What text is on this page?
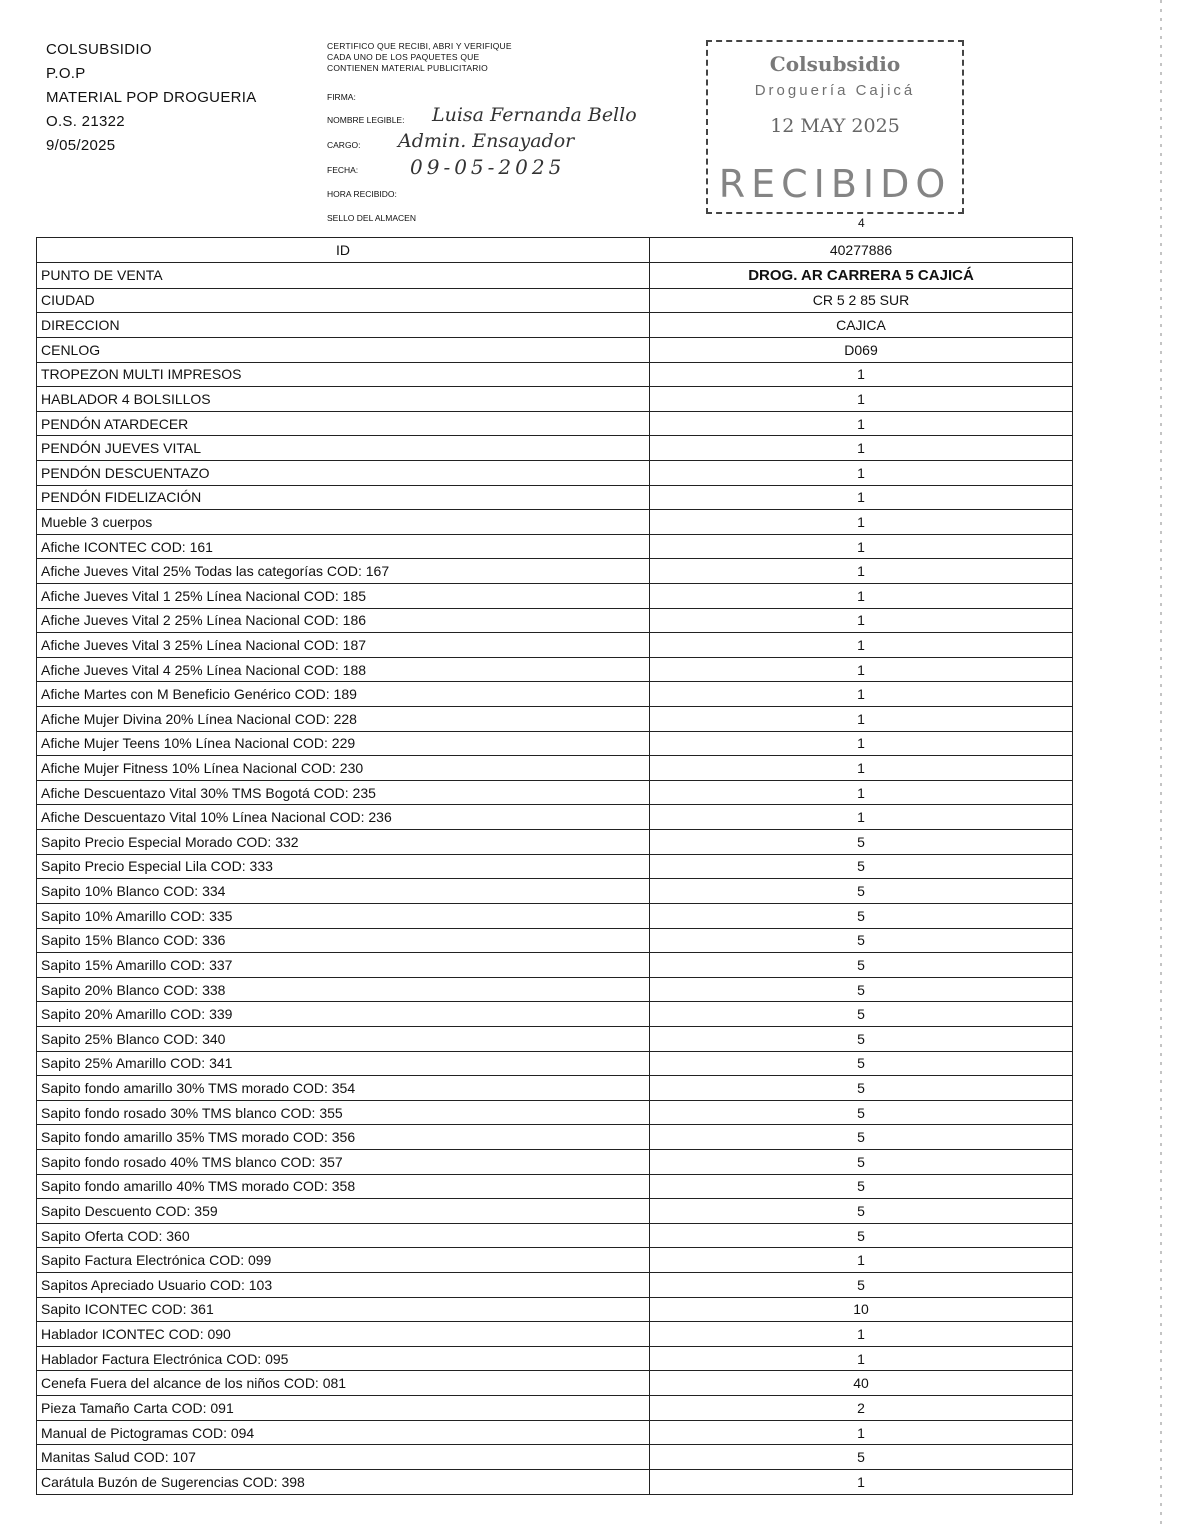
COLSUBSIDIO
P.O.P
MATERIAL POP DROGUERIA
O.S. 21322
9/05/2025
CERTIFICO QUE RECIBI, ABRI Y VERIFIQUE
CADA UNO DE LOS PAQUETES QUE
CONTIENEN MATERIAL PUBLICITARIO
FIRMA:
NOMBRE LEGIBLE: Luisa Fernanda Bello
CARGO: Admin. Ensayador
FECHA:	09-05-2025
HORA RECIBIDO:
SELLO DEL ALMACEN
Colsubsidio
Droguería Cajicá
12 MAY 2025
RECIBIDO
4
ID	40277886
PUNTO DE VENTA	DROG. AR CARRERA 5 CAJICÁ
CIUDAD	CR 5 2 85 SUR
DIRECCION	CAJICA
CENLOG	D069
TROPEZON MULTI IMPRESOS	1
HABLADOR 4 BOLSILLOS	1
PENDÓN ATARDECER	1
PENDÓN JUEVES VITAL	1
PENDÓN DESCUENTAZO	1
PENDÓN FIDELIZACIÓN	1
Mueble 3 cuerpos	1
Afiche ICONTEC COD: 161	1
Afiche Jueves Vital 25% Todas las categorías COD: 167	1
Afiche Jueves Vital 1 25% Línea Nacional COD: 185	1
Afiche Jueves Vital 2 25% Línea Nacional COD: 186	1
Afiche Jueves Vital 3 25% Línea Nacional COD: 187	1
Afiche Jueves Vital 4 25% Línea Nacional COD: 188	1
Afiche Martes con M Beneficio Genérico COD: 189	1
Afiche Mujer Divina 20% Línea Nacional COD: 228	1
Afiche Mujer Teens 10% Línea Nacional COD: 229	1
Afiche Mujer Fitness 10% Línea Nacional COD: 230	1
Afiche Descuentazo Vital 30% TMS Bogotá COD: 235	1
Afiche Descuentazo Vital 10% Línea Nacional COD: 236	1
Sapito Precio Especial Morado COD: 332	5
Sapito Precio Especial Lila COD: 333	5
Sapito 10% Blanco COD: 334	5
Sapito 10% Amarillo COD: 335	5
Sapito 15% Blanco COD: 336	5
Sapito 15% Amarillo COD: 337	5
Sapito 20% Blanco COD: 338	5
Sapito 20% Amarillo COD: 339	5
Sapito 25% Blanco COD: 340	5
Sapito 25% Amarillo COD: 341	5
Sapito fondo amarillo 30% TMS morado COD: 354	5
Sapito fondo rosado 30% TMS blanco COD: 355	5
Sapito fondo amarillo 35% TMS morado COD: 356	5
Sapito fondo rosado 40% TMS blanco COD: 357	5
Sapito fondo amarillo 40% TMS morado COD: 358	5
Sapito Descuento COD: 359	5
Sapito Oferta COD: 360	5
Sapito Factura Electrónica COD: 099	1
Sapitos Apreciado Usuario COD: 103	5
Sapito ICONTEC COD: 361	10
Hablador ICONTEC COD: 090	1
Hablador Factura Electrónica COD: 095	1
Cenefa Fuera del alcance de los niños COD: 081	40
Pieza Tamaño Carta COD: 091	2
Manual de Pictogramas COD: 094	1
Manitas Salud COD: 107	5
Carátula Buzón de Sugerencias COD: 398	1
